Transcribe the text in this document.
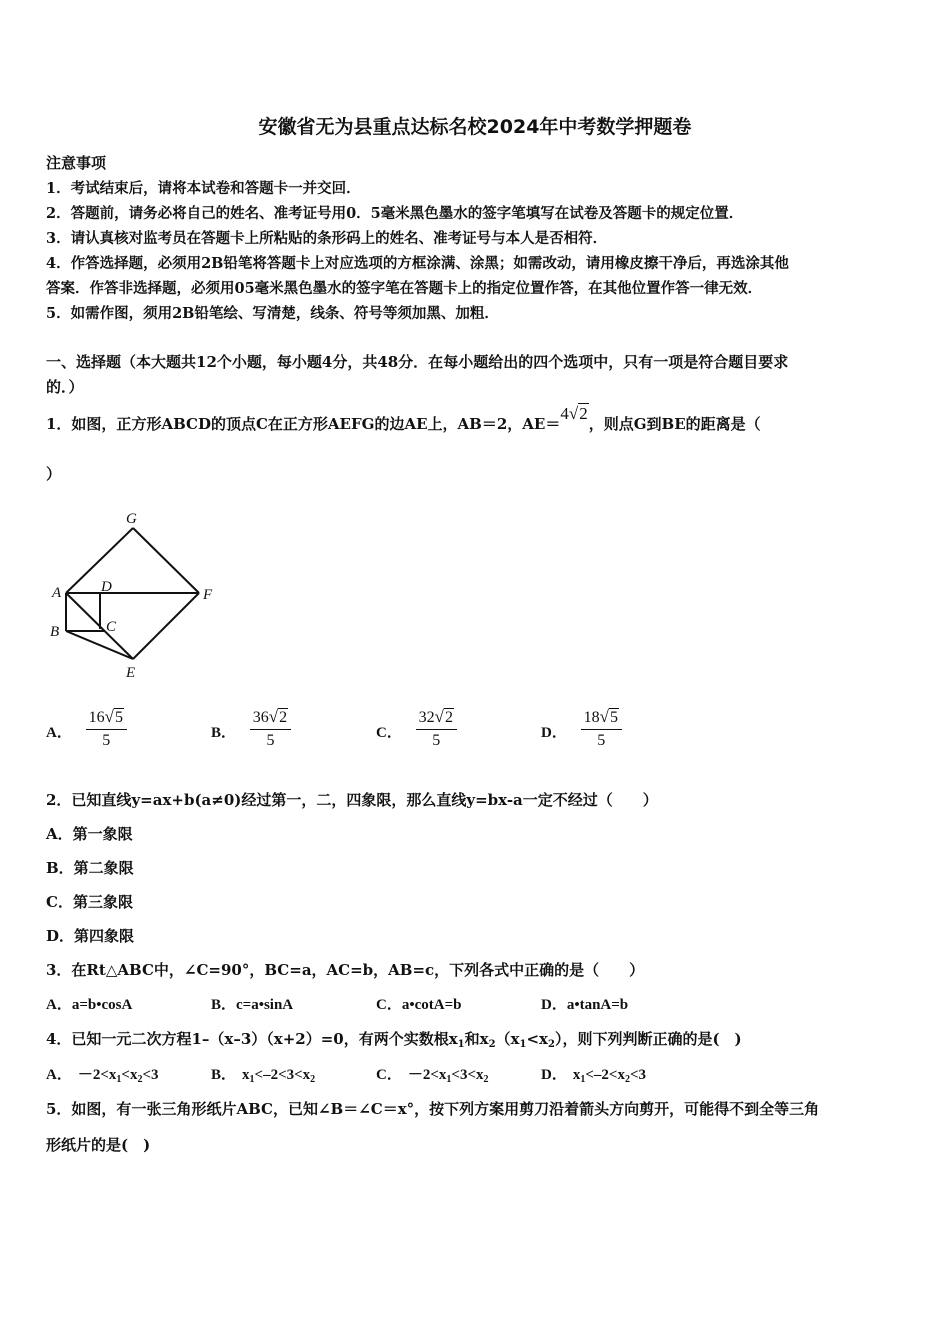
安徽省无为县重点达标名校2024年中考数学押题卷
注意事项
1．考试结束后，请将本试卷和答题卡一并交回．
2．答题前，请务必将自己的姓名、准考证号用0．5毫米黑色墨水的签字笔填写在试卷及答题卡的规定位置．
3．请认真核对监考员在答题卡上所粘贴的条形码上的姓名、准考证号与本人是否相符．
4．作答选择题，必须用2B铅笔将答题卡上对应选项的方框涂满、涂黑；如需改动，请用橡皮擦干净后，再选涂其他
答案．作答非选择题，必须用05毫米黑色墨水的签字笔在答题卡上的指定位置作答，在其他位置作答一律无效．
5．如需作图，须用2B铅笔绘、写清楚，线条、符号等须加黑、加粗．
一、选择题（本大题共12个小题，每小题4分，共48分．在每小题给出的四个选项中，只有一项是符合题目要求
的．）
1．如图，正方形ABCD的顶点C在正方形AEFG的边AE上，AB＝2，AE＝4√2，则点G到BE的距离是（
）
G
A	D	F
B	C
E
A． $\frac{16√5}{5}$	B． $\frac{36√2}{5}$	C． $\frac{32√2}{5}$	D． $\frac{18√5}{5}$
2．已知直线y=ax+b(a≠0)经过第一，二，四象限，那么直线y=bx-a一定不经过（　　）
A．第一象限
B．第二象限
C．第三象限
D．第四象限
3．在Rt△ABC中，∠C=90°，BC=a，AC=b，AB=c，下列各式中正确的是（　　）
A．a=b•cosA	B．c=a•sinA	C．a•cotA=b	D．a•tanA=b
4．已知一元二次方程1–（x–3）（x+2）=0，有两个实数根$x_1$和$x_2(x_1<x_2)$，则下列判断正确的是(　)
A． $-2<x_1<x_2<3$	B． $x_1<-2<3<x_2$	C． $-2<x_1<3<x_2$	D． $x_1<-2<x_2<3$
5．如图，有一张三角形纸片ABC，已知∠B＝∠C＝x°，按下列方案用剪刀沿着箭头方向剪开，可能得不到全等三角
形纸片的是(　)
